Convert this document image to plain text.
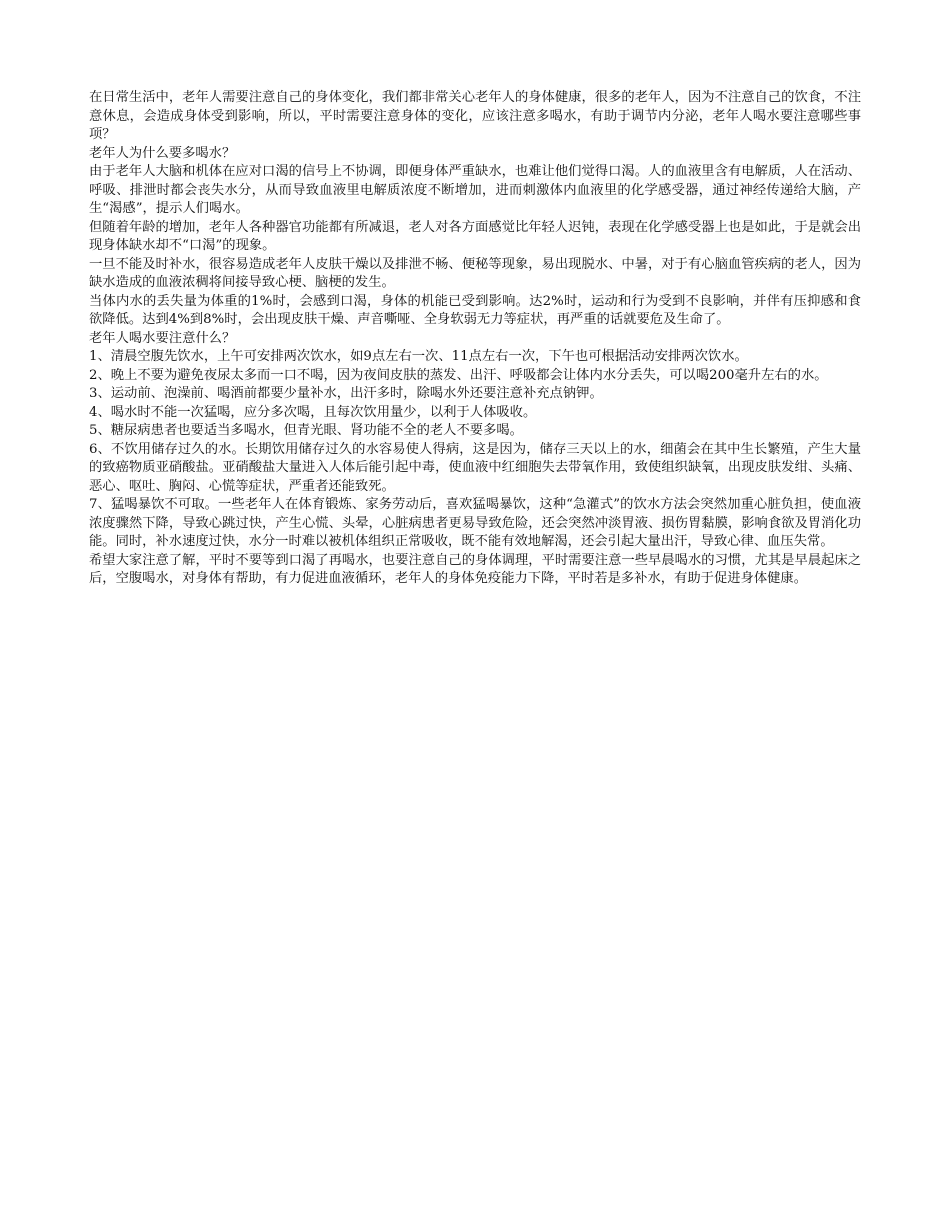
在日常生活中，老年人需要注意自己的身体变化，我们都非常关心老年人的身体健康，很多的老年人，因为不注意自己的饮食，不注意休息，会造成身体受到影响，所以，平时需要注意身体的变化，应该注意多喝水，有助于调节内分泌，老年人喝水要注意哪些事项？

老年人为什么要多喝水？

由于老年人大脑和机体在应对口渴的信号上不协调，即便身体严重缺水，也难让他们觉得口渴。人的血液里含有电解质，人在活动、呼吸、排泄时都会丧失水分，从而导致血液里电解质浓度不断增加，进而刺激体内血液里的化学感受器，通过神经传递给大脑，产生“渴感”，提示人们喝水。

但随着年龄的增加，老年人各种器官功能都有所减退，老人对各方面感觉比年轻人迟钝，表现在化学感受器上也是如此，于是就会出现身体缺水却不“口渴”的现象。

一旦不能及时补水，很容易造成老年人皮肤干燥以及排泄不畅、便秘等现象，易出现脱水、中暑，对于有心脑血管疾病的老人，因为缺水造成的血液浓稠将间接导致心梗、脑梗的发生。

当体内水的丢失量为体重的1%时，会感到口渴，身体的机能已受到影响。达2%时，运动和行为受到不良影响，并伴有压抑感和食欲降低。达到4%到8%时，会出现皮肤干燥、声音嘶哑、全身软弱无力等症状，再严重的话就要危及生命了。

老年人喝水要注意什么？

1、清晨空腹先饮水，上午可安排两次饮水，如9点左右一次、11点左右一次，下午也可根据活动安排两次饮水。

2、晚上不要为避免夜尿太多而一口不喝，因为夜间皮肤的蒸发、出汗、呼吸都会让体内水分丢失，可以喝200毫升左右的水。

3、运动前、泡澡前、喝酒前都要少量补水，出汗多时，除喝水外还要注意补充点钠钾。

4、喝水时不能一次猛喝，应分多次喝，且每次饮用量少，以利于人体吸收。

5、糖尿病患者也要适当多喝水，但青光眼、肾功能不全的老人不要多喝。

6、不饮用储存过久的水。长期饮用储存过久的水容易使人得病，这是因为，储存三天以上的水，细菌会在其中生长繁殖，产生大量的致癌物质亚硝酸盐。亚硝酸盐大量进入人体后能引起中毒，使血液中红细胞失去带氧作用，致使组织缺氧，出现皮肤发绀、头痛、恶心、呕吐、胸闷、心慌等症状，严重者还能致死。

7、猛喝暴饮不可取。一些老年人在体育锻炼、家务劳动后，喜欢猛喝暴饮，这种“急灌式”的饮水方法会突然加重心脏负担，使血液浓度骤然下降，导致心跳过快，产生心慌、头晕，心脏病患者更易导致危险，还会突然冲淡胃液、损伤胃黏膜，影响食欲及胃消化功能。同时，补水速度过快，水分一时难以被机体组织正常吸收，既不能有效地解渴，还会引起大量出汗，导致心律、血压失常。

希望大家注意了解，平时不要等到口渴了再喝水，也要注意自己的身体调理，平时需要注意一些早晨喝水的习惯，尤其是早晨起床之后，空腹喝水，对身体有帮助，有力促进血液循环，老年人的身体免疫能力下降，平时若是多补水，有助于促进身体健康。
